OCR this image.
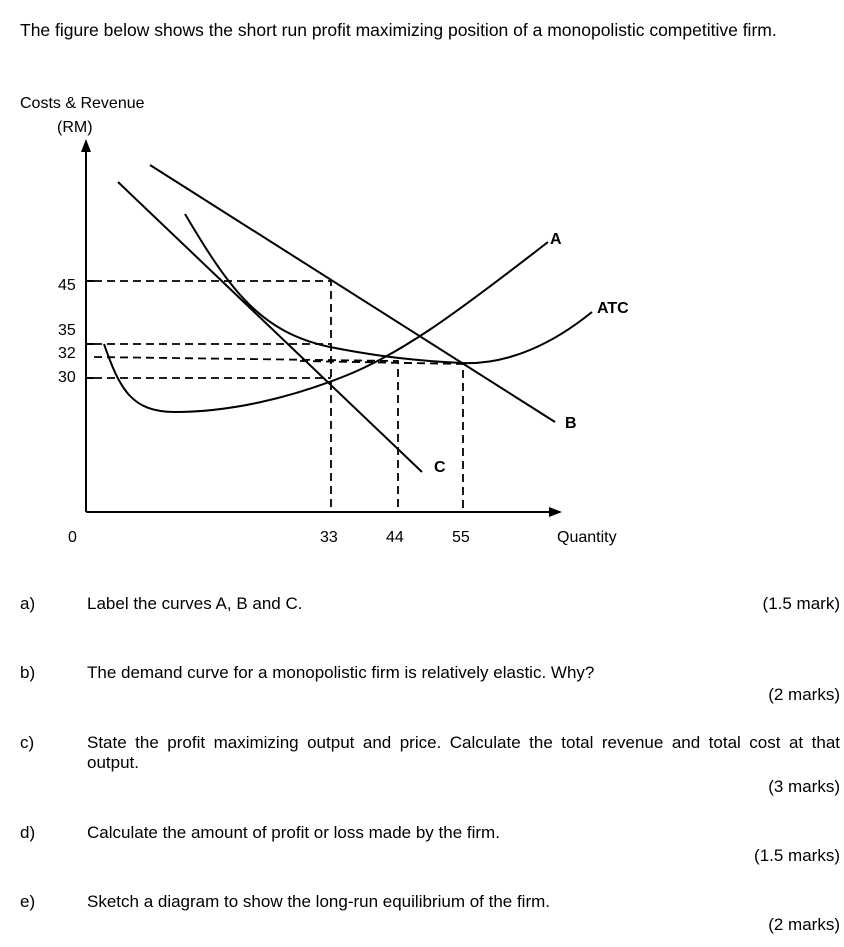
The figure below shows the short run profit maximizing position of a monopolistic competitive firm.
Costs & Revenue
(RM)
Quantity
0
45
35
32
30
33	44	55
A
ATC
B
C
a)	Label the curves A, B and C.	(1.5 mark)
b)	The demand curve for a monopolistic firm is relatively elastic. Why?
(2 marks)
c)	State the profit maximizing output and price. Calculate the total revenue and total cost at that output.
(3 marks)
d)	Calculate the amount of profit or loss made by the firm.
(1.5 marks)
e)	Sketch a diagram to show the long-run equilibrium of the firm.
(2 marks)
